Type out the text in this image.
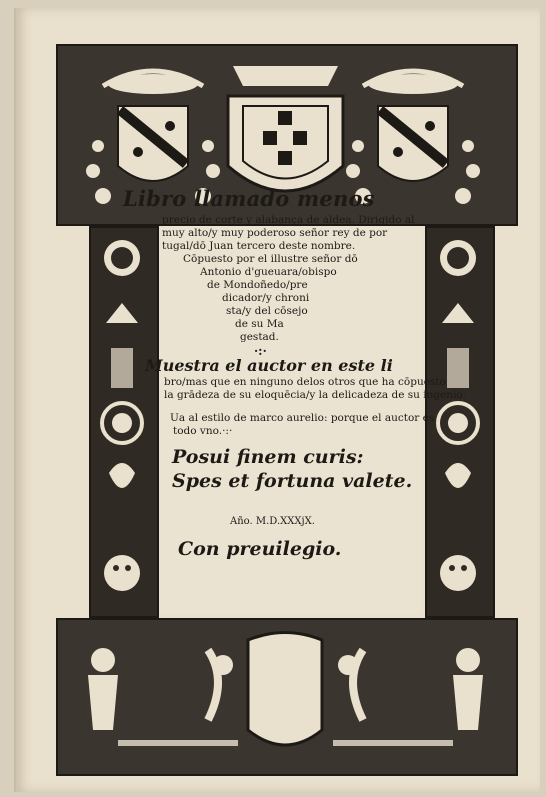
Libro llamado menos
precio de corte y alabança de aldea. Dirigido al
muy alto/y muy poderoso señor rey de por
tugal/dō Juan tercero deste nombre.
Cōpuesto por el illustre señor dō
Antonio d'gueuara/obispo
de Mondoñedo/pre
dicador/y chroni
sta/y del cōsejo
de su Ma
gestad.
·:·
Muestra el auctor en este li
bro/mas que en ninguno delos otros que ha cōpuesto
la grādeza de su eloquēcia/y la delicadeza de su ingenio.
Ua al estilo de marco aurelio: porque el auctor es
todo vno.·:·
Posui finem curis:
Spes et fortuna valete.
Año. M.D.XXXjX.
Con preuilegio.
